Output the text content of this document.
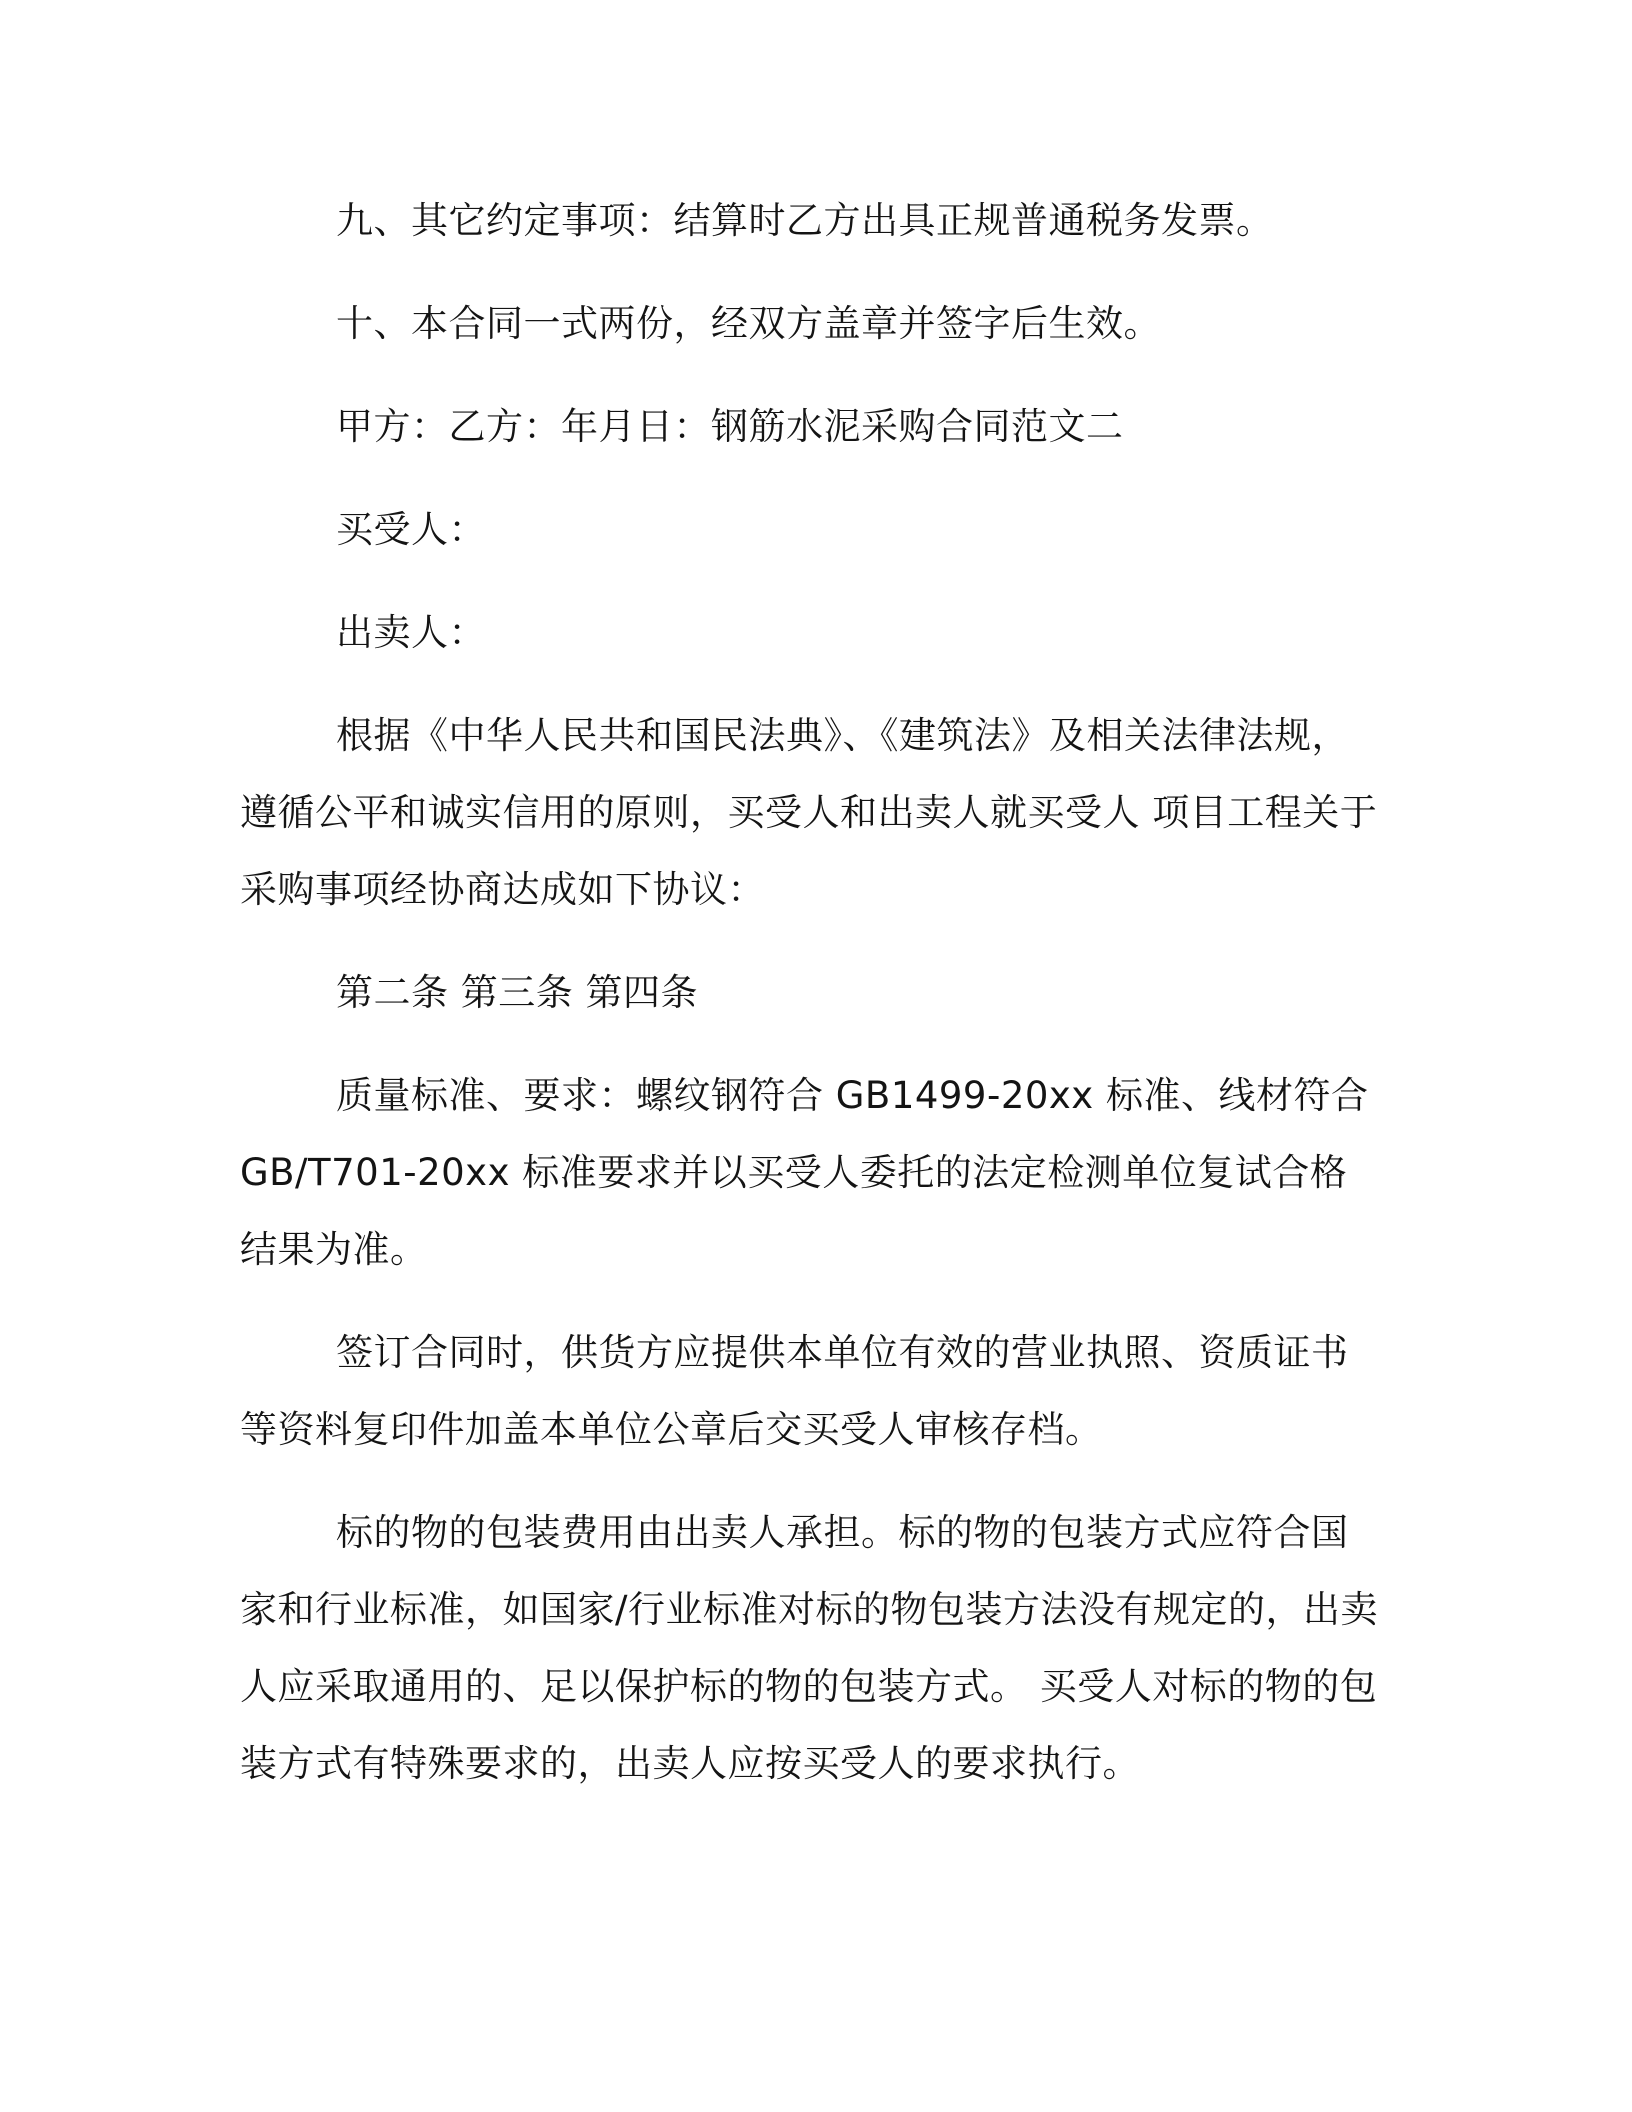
九、其它约定事项：结算时乙方出具正规普通税务发票。

十、本合同一式两份，经双方盖章并签字后生效。

甲方：乙方：年月日：钢筋水泥采购合同范文二

买受人：

出卖人：

根据《中华人民共和国民法典》、《建筑法》及相关法律法规，遵循公平和诚实信用的原则，买受人和出卖人就买受人 项目工程关于采购事项经协商达成如下协议：

第二条 第三条 第四条

质量标准、要求：螺纹钢符合 GB1499-20xx 标准、线材符合 GB/T701-20xx 标准要求并以买受人委托的法定检测单位复试合格结果为准。

签订合同时，供货方应提供本单位有效的营业执照、资质证书等资料复印件加盖本单位公章后交买受人审核存档。

标的物的包装费用由出卖人承担。标的物的包装方式应符合国家和行业标准，如国家/行业标准对标的物包装方法没有规定的，出卖人应采取通用的、足以保护标的物的包装方式。 买受人对标的物的包装方式有特殊要求的，出卖人应按买受人的要求执行。
